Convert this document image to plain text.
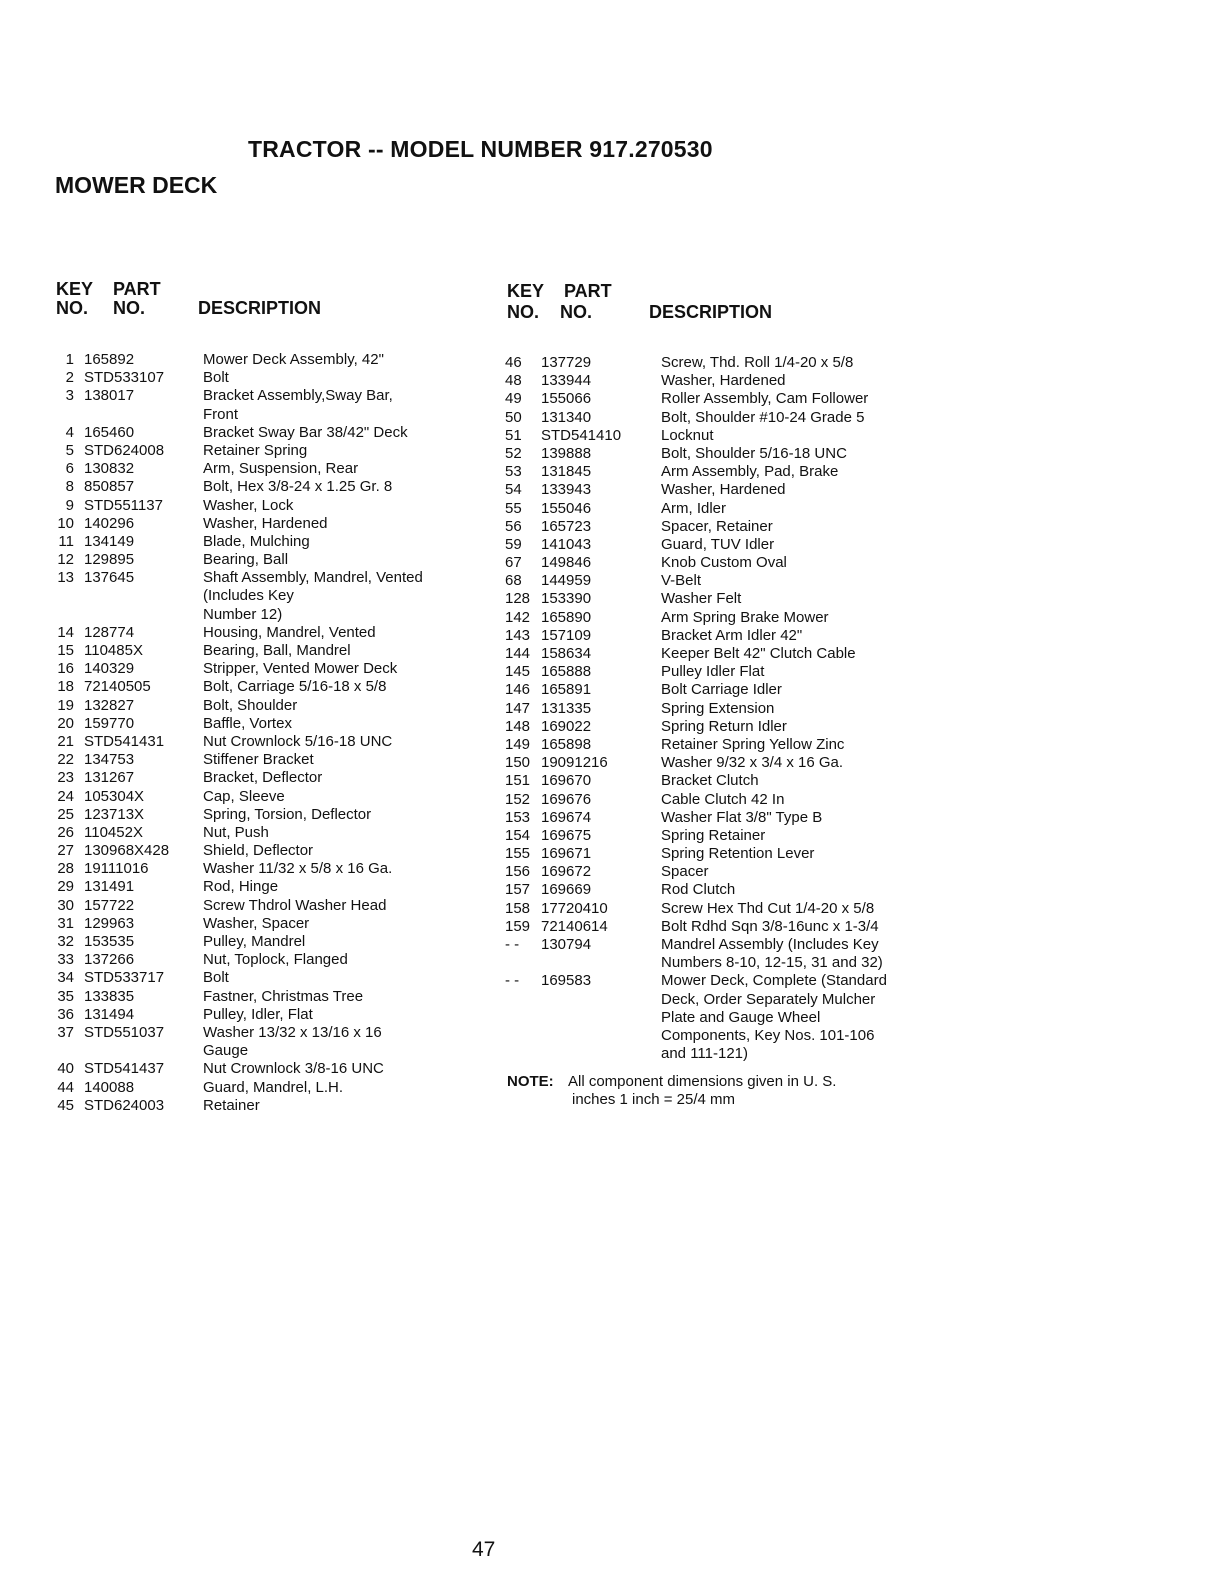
TRACTOR -- MODEL NUMBER 917.270530
MOWER DECK
KEY PART
NO. NO.	DESCRIPTION
KEY PART
NO. NO.	DESCRIPTION
1 165892	Mower Deck Assembly, 42"
2 STD533107	Bolt
3 138017	Bracket Assembly,Sway Bar,
Front
4 165460	Bracket Sway Bar 38/42" Deck
5 STD624008	Retainer Spring
6 130832	Arm, Suspension, Rear
8 850857	Bolt, Hex 3/8-24 x 1.25 Gr. 8
9 STD551137	Washer, Lock
10 140296	Washer, Hardened
11 134149	Blade, Mulching
12 129895	Bearing, Ball
13 137645	Shaft Assembly, Mandrel, Vented
(Includes Key
Number 12)
14 128774	Housing, Mandrel, Vented
15 110485X	Bearing, Ball, Mandrel
16 140329	Stripper, Vented Mower Deck
18 72140505	Bolt, Carriage 5/16-18 x 5/8
19 132827	Bolt, Shoulder
20 159770	Baffle, Vortex
21 STD541431	Nut Crownlock 5/16-18 UNC
22 134753	Stiffener Bracket
23 131267	Bracket, Deflector
24 105304X	Cap, Sleeve
25 123713X	Spring, Torsion, Deflector
26 110452X	Nut, Push
27 130968X428 Shield, Deflector
28 19111016	Washer 11/32 x 5/8 x 16 Ga.
29 131491	Rod, Hinge
30 157722	Screw Thdrol Washer Head
31 129963	Washer, Spacer
32 153535	Pulley, Mandrel
33 137266	Nut, Toplock, Flanged
34 STD533717	Bolt
35 133835	Fastner, Christmas Tree
36 131494	Pulley, Idler, Flat
37 STD551037	Washer 13/32 x 13/16 x 16
Gauge
40 STD541437	Nut Crownlock 3/8-16 UNC
44 140088	Guard, Mandrel, L.H.
45 STD624003	Retainer
46	137729	Screw, Thd. Roll 1/4-20 x 5/8
48	133944	Washer, Hardened
49	155066	Roller Assembly, Cam Follower
50	131340	Bolt, Shoulder #10-24 Grade 5
51	STD541410	Locknut
52	139888	Bolt, Shoulder 5/16-18 UNC
53	131845	Arm Assembly, Pad, Brake
54	133943	Washer, Hardened
55	155046	Arm, Idler
56	165723	Spacer, Retainer
59	141043	Guard, TUV Idler
67	149846	Knob Custom Oval
68	144959	V-Belt
128 153390	Washer Felt
142 165890	Arm Spring Brake Mower
143 157109	Bracket Arm Idler 42"
144 158634	Keeper Belt 42" Clutch Cable
145 165888	Pulley Idler Flat
146 165891	Bolt Carriage Idler
147 131335	Spring Extension
148 169022	Spring Return Idler
149 165898	Retainer Spring Yellow Zinc
150 19091216	Washer 9/32 x 3/4 x 16 Ga.
151 169670	Bracket Clutch
152 169676	Cable Clutch 42 In
153 169674	Washer Flat 3/8" Type B
154 169675	Spring Retainer
155 169671	Spring Retention Lever
156 169672	Spacer
157 169669	Rod Clutch
158 17720410	Screw Hex Thd Cut 1/4-20 x 5/8
159 72140614	Bolt Rdhd Sqn 3/8-16unc x 1-3/4
- -	130794	Mandrel Assembly (Includes Key
Numbers 8-10, 12-15, 31 and 32)
- -	169583	Mower Deck, Complete (Standard
Deck, Order Separately Mulcher
Plate and Gauge Wheel
Components, Key Nos. 101-106
and 111-121)
NOTE: All component dimensions given in U. S.
inches 1 inch = 25/4 mm
47
